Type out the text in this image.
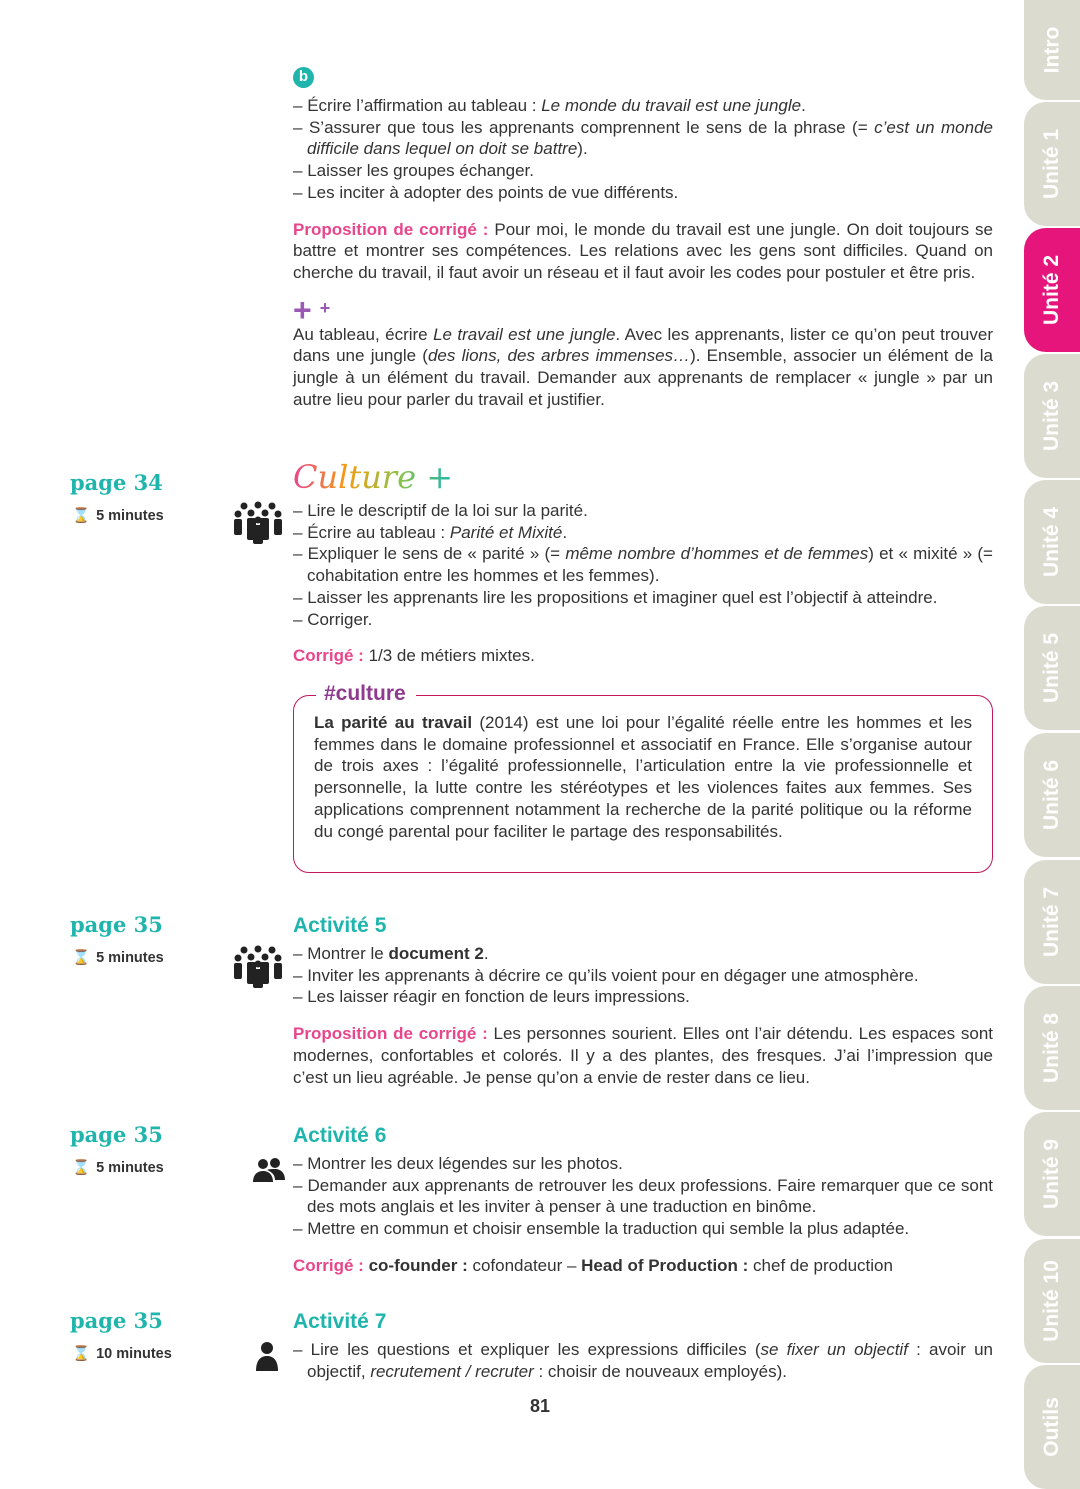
Intro
Unité 1
Unité 2
Unité 3
Unité 4
Unité 5
Unité 6
Unité 7
Unité 8
Unité 9
Unité 10
Outils
b
– Écrire l’affirmation au tableau : Le monde du travail est une jungle.
– S’assurer que tous les apprenants comprennent le sens de la phrase (= c’est un monde difficile dans lequel on doit se battre).
– Laisser les groupes échanger.
– Les inciter à adopter des points de vue différents.

Proposition de corrigé : Pour moi, le monde du travail est une jungle. On doit toujours se battre et montrer ses compétences. Les relations avec les gens sont difficiles. Quand on cherche du travail, il faut avoir un réseau et il faut avoir les codes pour postuler et être pris.

+ +

Au tableau, écrire Le travail est une jungle. Avec les apprenants, lister ce qu’on peut trouver dans une jungle (des lions, des arbres immenses…). Ensemble, associer un élément de la jungle à un élément du travail. Demander aux apprenants de remplacer « jungle » par un autre lieu pour parler du travail et justifier.

page 34
⌛ 5 minutes
Culture +
– Lire le descriptif de la loi sur la parité.
– Écrire au tableau : Parité et Mixité.
– Expliquer le sens de « parité » (= même nombre d’hommes et de femmes) et « mixité » (= cohabitation entre les hommes et les femmes).
– Laisser les apprenants lire les propositions et imaginer quel est l’objectif à atteindre.
– Corriger.

Corrigé : 1/3 de métiers mixtes.

#culture

La parité au travail (2014) est une loi pour l’égalité réelle entre les hommes et les femmes dans le domaine professionnel et associatif en France. Elle s’organise autour de trois axes : l’égalité professionnelle, l’articulation entre la vie professionnelle et personnelle, la lutte contre les stéréotypes et les violences faites aux femmes. Ses applications comprennent notamment la recherche de la parité politique ou la réforme du congé parental pour faciliter le partage des responsabilités.

page 35
⌛ 5 minutes
Activité 5
– Montrer le document 2.
– Inviter les apprenants à décrire ce qu’ils voient pour en dégager une atmosphère.
– Les laisser réagir en fonction de leurs impressions.

Proposition de corrigé : Les personnes sourient. Elles ont l’air détendu. Les espaces sont modernes, confortables et colorés. Il y a des plantes, des fresques. J’ai l’impression que c’est un lieu agréable. Je pense qu’on a envie de rester dans ce lieu.

page 35
⌛ 5 minutes
Activité 6
– Montrer les deux légendes sur les photos.
– Demander aux apprenants de retrouver les deux professions. Faire remarquer que ce sont des mots anglais et les inviter à penser à une traduction en binôme.
– Mettre en commun et choisir ensemble la traduction qui semble la plus adaptée.

Corrigé : co-founder : cofondateur – Head of Production : chef de production

page 35
⌛ 10 minutes
Activité 7
– Lire les questions et expliquer les expressions difficiles (se fixer un objectif : avoir un objectif, recrutement / recruter : choisir de nouveaux employés).
81
